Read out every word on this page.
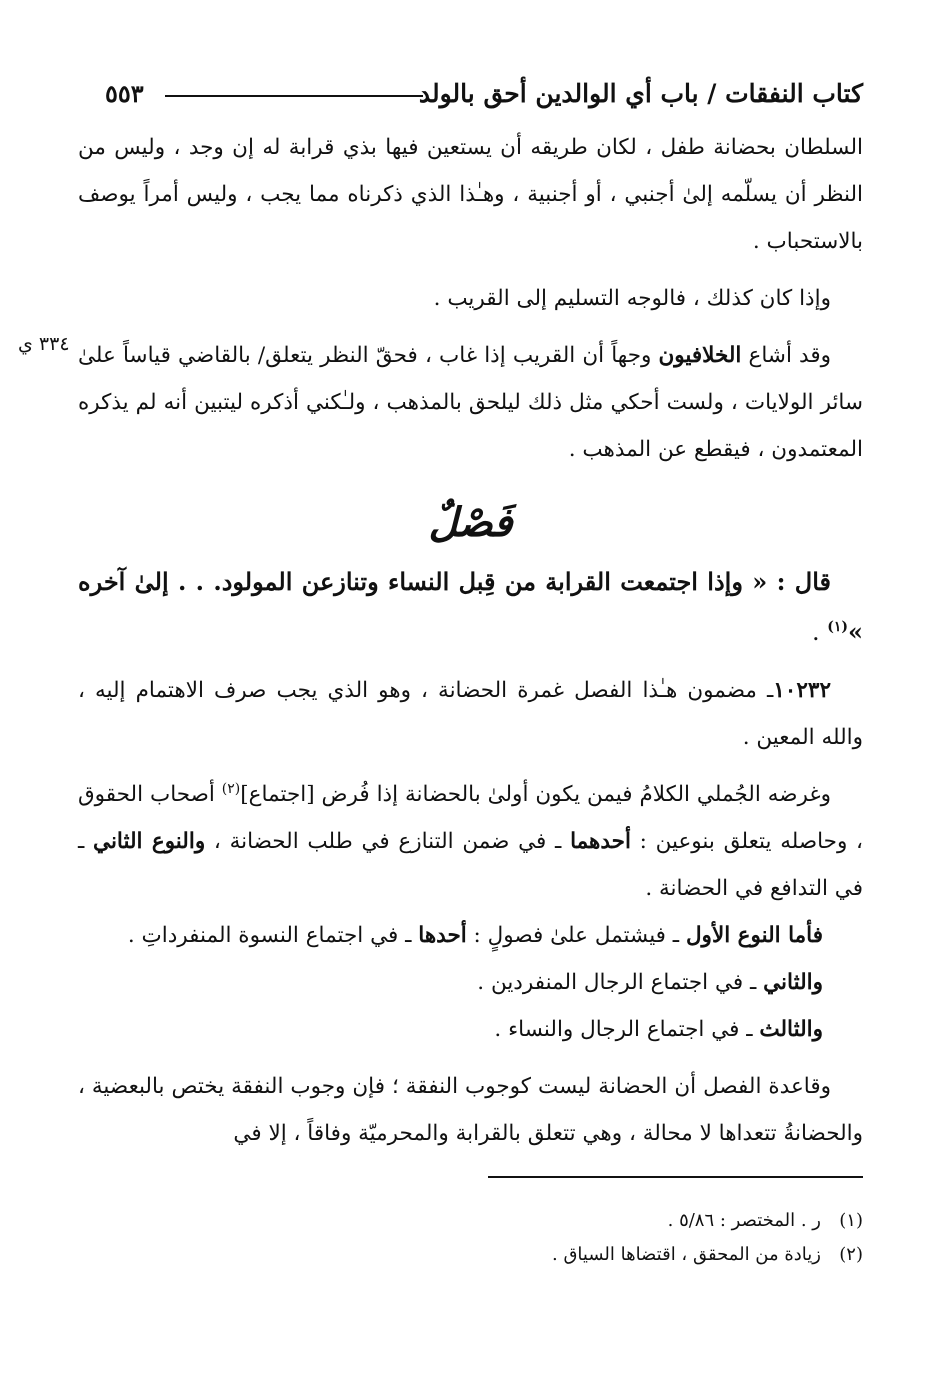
كتاب النفقات / باب أي الوالدين أحق بالولد
٥٥٣
٣٣٤ ي

السلطان بحضانة طفل ، لكان طريقه أن يستعين فيها بذي قرابة له إن وجد ، وليس من النظر أن يسلّمه إلىٰ أجنبي ، أو أجنبية ، وهـٰذا الذي ذكرناه مما يجب ، وليس أمراً يوصف بالاستحباب .

وإذا كان كذلك ، فالوجه التسليم إلى القريب .

وقد أشاع الخلافيون وجهاً أن القريب إذا غاب ، فحقّ النظر يتعلق/ بالقاضي قياساً علىٰ سائر الولايات ، ولست أحكي مثل ذلك ليلحق بالمذهب ، ولـٰكني أذكره ليتبين أنه لم يذكره المعتمدون ، فيقطع عن المذهب .

فَصْلٌ

قال : « وإذا اجتمعت القرابة من قِبل النساء وتنازعن المولود. . . إلىٰ آخره »$^{(١)}$ .

١٠٢٣٢ـ مضمون هـٰذا الفصل غمرة الحضانة ، وهو الذي يجب صرف الاهتمام إليه ، والله المعين .

وغرضه الجُملي الكلامُ فيمن يكون أولىٰ بالحضانة إذا فُرض [اجتماع]$^{(٢)}$ أصحاب الحقوق ، وحاصله يتعلق بنوعين : أحدهما ـ في ضمن التنازع في طلب الحضانة ، والنوع الثاني ـ في التدافع في الحضانة .

فأما النوع الأول ـ فيشتمل علىٰ فصولٍ : أحدها ـ في اجتماع النسوة المنفرداتِ .

والثاني ـ في اجتماع الرجال المنفردين .

والثالث ـ في اجتماع الرجال والنساء .

وقاعدة الفصل أن الحضانة ليست كوجوب النفقة ؛ فإن وجوب النفقة يختص بالبعضية ، والحضانةُ تتعداها لا محالة ، وهي تتعلق بالقرابة والمحرميّة وفاقاً ، إلا في

(١)ر . المختصر : ٥/٨٦ .

(٢)زيادة من المحقق ، اقتضاها السياق .
